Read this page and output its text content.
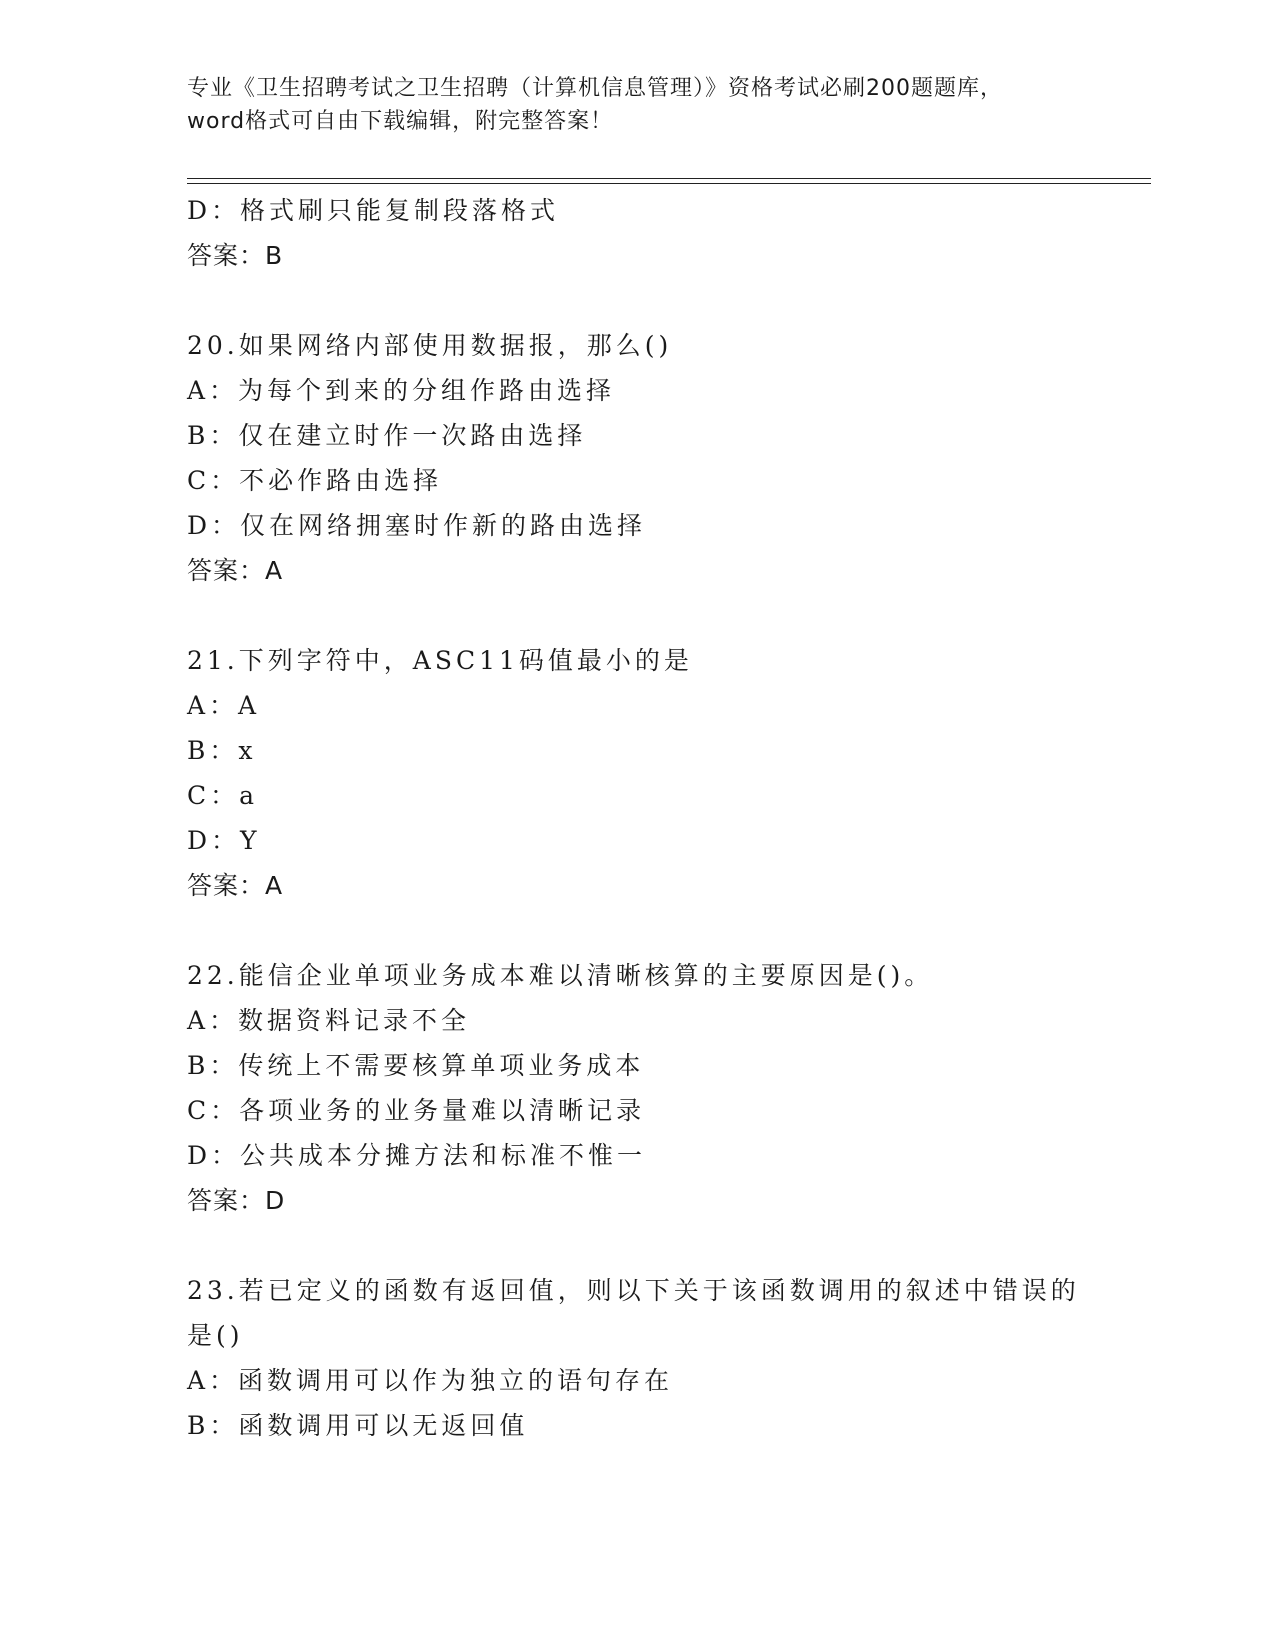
专业《卫生招聘考试之卫生招聘（计算机信息管理）》资格考试必刷200题题库，
word格式可自由下载编辑，附完整答案！
D：格式刷只能复制段落格式
答案：B
20.如果网络内部使用数据报，那么()
A：为每个到来的分组作路由选择
B：仅在建立时作一次路由选择
C：不必作路由选择
D：仅在网络拥塞时作新的路由选择
答案：A
21.下列字符中，ASC11码值最小的是
A：A
B：x
C：a
D：Y
答案：A
22.能信企业单项业务成本难以清晰核算的主要原因是()。
A：数据资料记录不全
B：传统上不需要核算单项业务成本
C：各项业务的业务量难以清晰记录
D：公共成本分摊方法和标准不惟一
答案：D
23.若已定义的函数有返回值，则以下关于该函数调用的叙述中错误的
是()
A：函数调用可以作为独立的语句存在
B：函数调用可以无返回值
